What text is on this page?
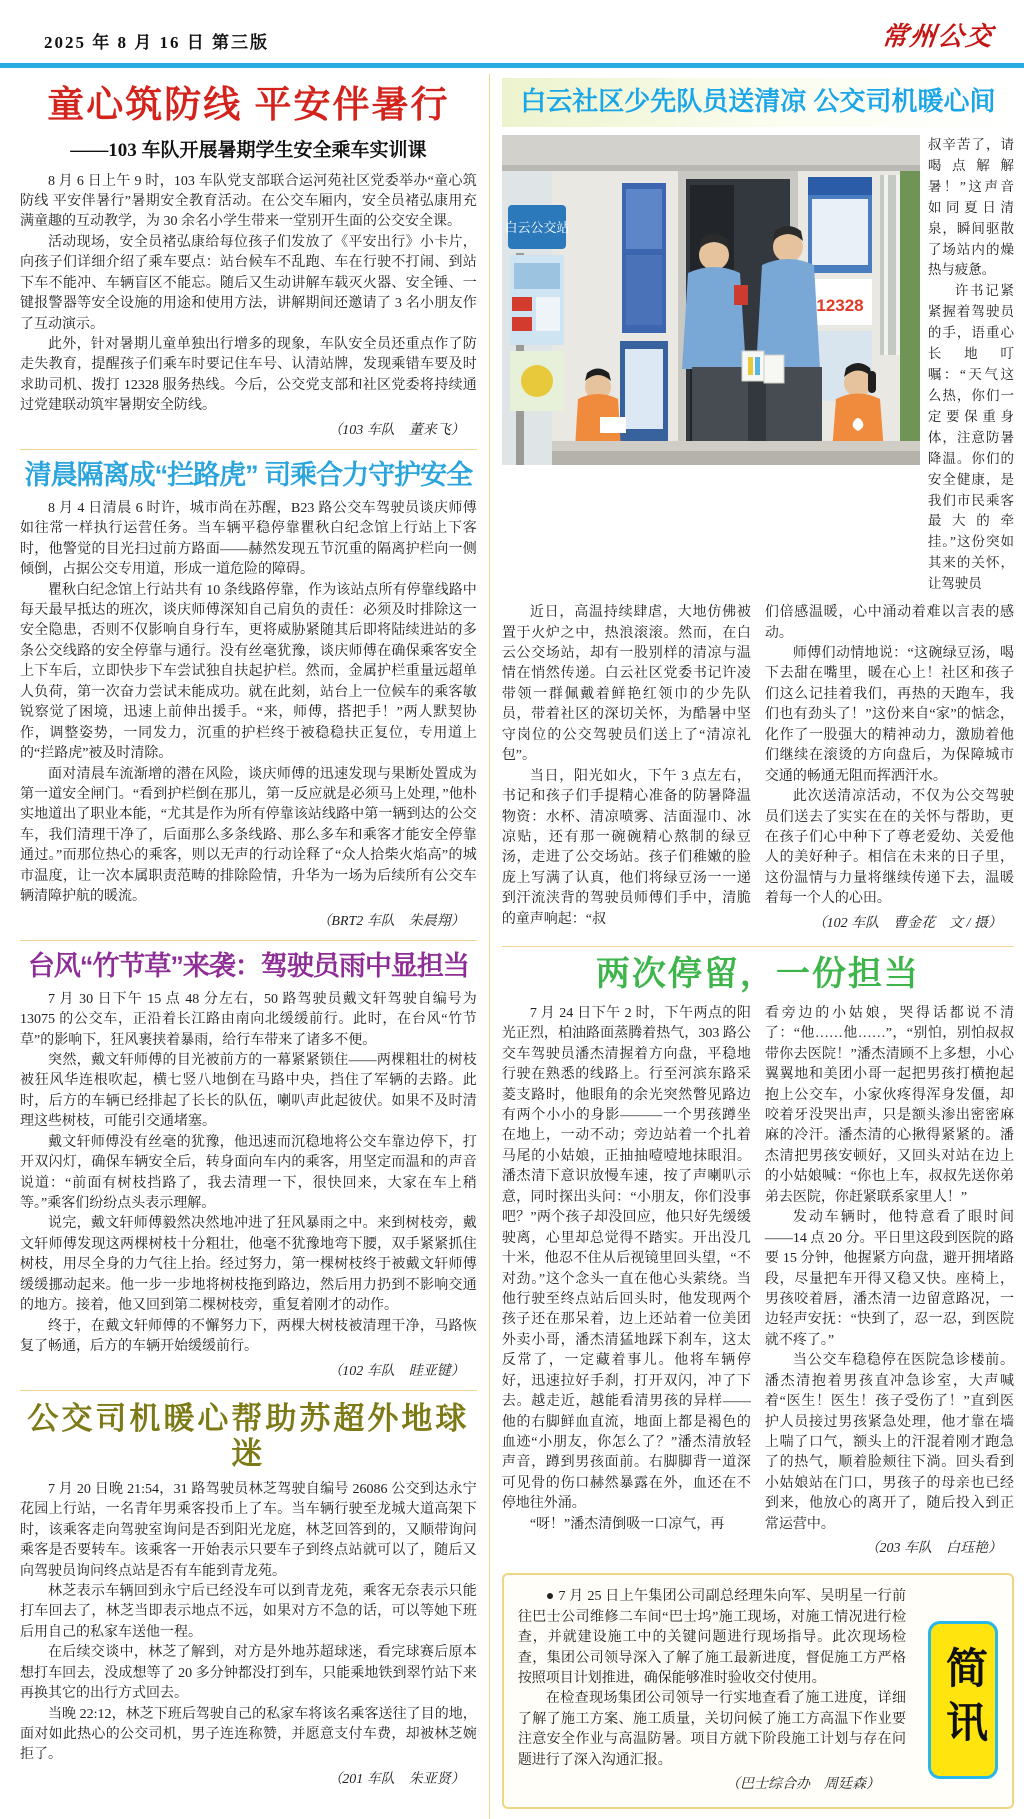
2025 年 8 月 16 日 第三版	常州公交
童心筑防线 平安伴暑行
——103 车队开展暑期学生安全乘车实训课

8 月 6 日上午 9 时，103 车队党支部联合运河苑社区党委举办“童心筑防线 平安伴暑行”暑期安全教育活动。在公交车厢内，安全员褚弘康用充满童趣的互动教学，为 30 余名小学生带来一堂别开生面的公交安全课。

活动现场，安全员褚弘康给每位孩子们发放了《平安出行》小卡片，向孩子们详细介绍了乘车要点：站台候车不乱跑、车在行驶不打闹、到站下车不能冲、车辆盲区不能忘。随后又生动讲解车载灭火器、安全锤、一键报警器等安全设施的用途和使用方法，讲解期间还邀请了 3 名小朋友作了互动演示。

此外，针对暑期儿童单独出行增多的现象，车队安全员还重点作了防走失教育，提醒孩子们乘车时要记住车号、认清站牌，发现乘错车要及时求助司机、拨打 12328 服务热线。今后，公交党支部和社区党委将持续通过党建联动筑牢暑期安全防线。

（103 车队　董来飞）
清晨隔离成“拦路虎” 司乘合力守护安全

8 月 4 日清晨 6 时许，城市尚在苏醒，B23 路公交车驾驶员谈庆师傅如往常一样执行运营任务。当车辆平稳停靠瞿秋白纪念馆上行站上下客时，他警觉的目光扫过前方路面——赫然发现五节沉重的隔离护栏向一侧倾倒，占据公交专用道，形成一道危险的障碍。

瞿秋白纪念馆上行站共有 10 条线路停靠，作为该站点所有停靠线路中每天最早抵达的班次，谈庆师傅深知自己肩负的责任：必须及时排除这一安全隐患，否则不仅影响自身行车，更将威胁紧随其后即将陆续进站的多条公交线路的安全停靠与通行。没有丝毫犹豫，谈庆师傅在确保乘客安全上下车后，立即快步下车尝试独自扶起护栏。然而，金属护栏重量远超单人负荷，第一次奋力尝试未能成功。就在此刻，站台上一位候车的乘客敏锐察觉了困境，迅速上前伸出援手。“来，师傅，搭把手！”两人默契协作，调整姿势，一同发力，沉重的护栏终于被稳稳扶正复位，专用道上的“拦路虎”被及时清除。

面对清晨车流渐增的潜在风险，谈庆师傅的迅速发现与果断处置成为第一道安全闸门。“看到护栏倒在那儿，第一反应就是必须马上处理，”他朴实地道出了职业本能，“尤其是作为所有停靠该站线路中第一辆到达的公交车，我们清理干净了，后面那么多条线路、那么多车和乘客才能安全停靠通过。”而那位热心的乘客，则以无声的行动诠释了“众人拾柴火焰高”的城市温度，让一次本属职责范畴的排除险情，升华为一场为后续所有公交车辆清障护航的暖流。

（BRT2 车队　朱晨翔）
台风“竹节草”来袭：驾驶员雨中显担当

7 月 30 日下午 15 点 48 分左右，50 路驾驶员戴文轩驾驶自编号为 13075 的公交车，正沿着长江路由南向北缓缓前行。此时，在台风“竹节草”的影响下，狂风裹挟着暴雨，给行车带来了诸多不便。

突然，戴文轩师傅的目光被前方的一幕紧紧锁住——两棵粗壮的树枝被狂风华连根吹起，横七竖八地倒在马路中央，挡住了军辆的去路。此时，后方的车辆已经排起了长长的队伍，喇叭声此起彼伏。如果不及时清理这些树枝，可能引交通堵塞。

戴文轩师傅没有丝毫的犹豫，他迅速而沉稳地将公交车靠边停下，打开双闪灯，确保车辆安全后，转身面向车内的乘客，用坚定而温和的声音说道：“前面有树枝挡路了，我去清理一下，很快回来，大家在车上稍等。”乘客们纷纷点头表示理解。

说完，戴文轩师傅毅然决然地冲进了狂风暴雨之中。来到树枝旁，戴文轩师傅发现这两棵树枝十分粗壮，他毫不犹豫地弯下腰，双手紧紧抓住树枝，用尽全身的力气往上抬。经过努力，第一棵树枝终于被戴文轩师傅缓缓挪动起来。他一步一步地将树枝拖到路边，然后用力扔到不影响交通的地方。接着，他又回到第二棵树枝旁，重复着刚才的动作。

终于，在戴文轩师傅的不懈努力下，两棵大树枝被清理干净，马路恢复了畅通，后方的车辆开始缓缓前行。

（102 车队　眭亚键）
公交司机暖心帮助苏超外地球迷

7 月 20 日晚 21:54，31 路驾驶员林芝驾驶自编号 26086 公交到达永宁花园上行站，一名青年男乘客投币上了车。当车辆行驶至龙城大道高架下时，该乘客走向驾驶室询问是否到阳光龙庭，林芝回答到的，又顺带询问乘客是否要转车。该乘客一开始表示只要车子到终点站就可以了，随后又向驾驶员询问终点站是否有车能到青龙苑。

林芝表示车辆回到永宁后已经没车可以到青龙苑，乘客无奈表示只能打车回去了，林芝当即表示地点不远，如果对方不急的话，可以等她下班后用自己的私家车送他一程。

在后续交谈中，林芝了解到，对方是外地苏超球迷，看完球赛后原本想打车回去，没成想等了 20 多分钟都没打到车，只能乘地铁到翠竹站下来再换其它的出行方式回去。

当晚 22:12，林芝下班后驾驶自己的私家车将该名乘客送往了目的地，面对如此热心的公交司机，男子连连称赞，并愿意支付车费，却被林芝婉拒了。

（201 车队　朱亚贤）
白云社区少先队员送清凉 公交司机暖心间
白云公交站
12328

叔辛苦了，请喝点解解暑！”这声音如同夏日清泉，瞬间驱散了场站内的燥热与疲惫。

许书记紧紧握着驾驶员的手，语重心长地叮嘱：“天气这么热，你们一定要保重身体，注意防暑降温。你们的安全健康，是我们市民乘客最大的牵挂。”这份突如其来的关怀，让驾驶员

近日，高温持续肆虐，大地仿佛被置于火炉之中，热浪滚滚。然而，在白云公交场站，却有一股别样的清凉与温情在悄然传递。白云社区党委书记许凌带领一群佩戴着鲜艳红领巾的少先队员，带着社区的深切关怀，为酷暑中坚守岗位的公交驾驶员们送上了“清凉礼包”。

当日，阳光如火，下午 3 点左右，书记和孩子们手提精心准备的防暑降温物资：水杯、清凉喷雾、洁面湿巾、冰凉贴，还有那一碗碗精心熬制的绿豆汤，走进了公交场站。孩子们稚嫩的脸庞上写满了认真，他们将绿豆汤一一递到汗流浃背的驾驶员师傅们手中，清脆的童声响起：“叔

们倍感温暖，心中涌动着难以言表的感动。

师傅们动情地说：“这碗绿豆汤，喝下去甜在嘴里，暖在心上！社区和孩子们这么记挂着我们，再热的天跑车，我们也有劲头了！”这份来自“家”的惦念，化作了一股强大的精神动力，激励着他们继续在滚烫的方向盘后，为保障城市交通的畅通无阻而挥洒汗水。

此次送清凉活动，不仅为公交驾驶员们送去了实实在在的关怀与帮助，更在孩子们心中种下了尊老爱幼、关爱他人的美好种子。相信在未来的日子里，这份温情与力量将继续传递下去，温暖着每一个人的心田。

（102 车队　曹金花　文 / 摄）
两次停留，一份担当

7 月 24 日下午 2 时，下午两点的阳光正烈，柏油路面蒸腾着热气，303 路公交车驾驶员潘杰清握着方向盘，平稳地行驶在熟悉的线路上。行至河滨东路采菱支路时，他眼角的余光突然瞥见路边有两个小小的身影———一个男孩蹲坐在地上，一动不动；旁边站着一个扎着马尾的小姑娘，正抽抽噎噎地抹眼泪。潘杰清下意识放慢车速，按了声喇叭示意，同时探出头问：“小朋友，你们没事吧？”两个孩子却没回应，他只好先缓缓驶离，心里却总觉得不踏实。开出没几十米，他忍不住从后视镜里回头望，“不对劲。”这个念头一直在他心头萦绕。当他行驶至终点站后回头时，他发现两个孩子还在那呆着，边上还站着一位美团外卖小哥，潘杰清猛地踩下刹车，这太反常了，一定藏着事儿。他将车辆停好，迅速拉好手刹，打开双闪，冲了下去。越走近，越能看清男孩的异样——他的右脚鲜血直流，地面上都是褐色的血迹“小朋友，你怎么了？”潘杰清放轻声音，蹲到男孩面前。右脚脚背一道深可见骨的伤口赫然暴露在外，血还在不停地往外涌。

“呀！”潘杰清倒吸一口凉气，再

看旁边的小姑娘，哭得话都说不清了：“他……他……”，“别怕，别怕叔叔带你去医院！”潘杰清顾不上多想，小心翼翼地和美团小哥一起把男孩打横抱起抱上公交车，小家伙疼得浑身发僵，却咬着牙没哭出声，只是额头渗出密密麻麻的冷汗。潘杰清的心揪得紧紧的。潘杰清把男孩安顿好，又回头对站在边上的小姑娘喊：“你也上车，叔叔先送你弟弟去医院，你赶紧联系家里人！”

发动车辆时，他特意看了眼时间——14 点 20 分。平日里这段到医院的路要 15 分钟，他握紧方向盘，避开拥堵路段，尽量把车开得又稳又快。座椅上，男孩咬着唇，潘杰清一边留意路况，一边轻声安抚：“快到了，忍一忍，到医院就不疼了。”

当公交车稳稳停在医院急诊楼前。潘杰清抱着男孩直冲急诊室，大声喊着“医生！医生！孩子受伤了！”直到医护人员接过男孩紧急处理，他才靠在墙上喘了口气，额头上的汗混着刚才跑急了的热气，顺着脸颊往下淌。回头看到小姑娘站在门口，男孩子的母亲也已经到来，他放心的离开了，随后投入到正常运营中。

（203 车队　白珏艳）

● 7 月 25 日上午集团公司副总经理朱向军、吴明星一行前往巴士公司维修二车间“巴士坞”施工现场，对施工情况进行检查，并就建设施工中的关键问题进行现场指导。此次现场检查，集团公司领导深入了解了施工最新进度，督促施工方严格按照项目计划推进，确保能够准时验收交付使用。

在检查现场集团公司领导一行实地查看了施工进度，详细了解了施工方案、施工质量，关切问候了施工方高温下作业要注意安全作业与高温防暑。项目方就下阶段施工计划与存在问题进行了深入沟通汇报。

（巴士综合办　周廷森）
简讯
